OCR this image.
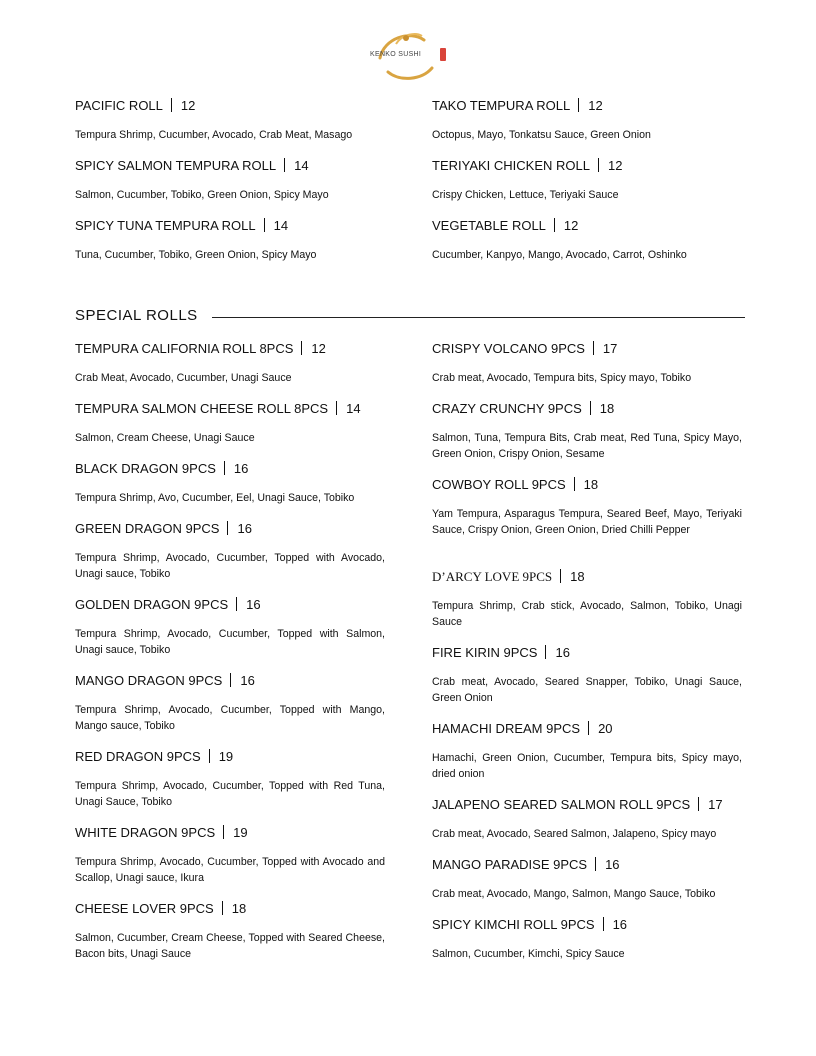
KENKO SUSHI
PACIFIC ROLL 12
Tempura Shrimp, Cucumber, Avocado, Crab Meat, Masago
SPICY SALMON TEMPURA ROLL 14
Salmon, Cucumber, Tobiko, Green Onion, Spicy Mayo
SPICY TUNA TEMPURA ROLL 14
Tuna, Cucumber, Tobiko, Green Onion, Spicy Mayo
TAKO TEMPURA ROLL 12
Octopus, Mayo, Tonkatsu Sauce, Green Onion
TERIYAKI CHICKEN ROLL 12
Crispy Chicken, Lettuce, Teriyaki Sauce
VEGETABLE ROLL 12
Cucumber, Kanpyo, Mango, Avocado, Carrot, Oshinko
SPECIAL ROLLS
TEMPURA CALIFORNIA ROLL 8PCS 12
Crab Meat, Avocado, Cucumber, Unagi Sauce
TEMPURA SALMON CHEESE ROLL 8PCS 14
Salmon, Cream Cheese, Unagi Sauce
BLACK DRAGON 9PCS 16
Tempura Shrimp, Avo, Cucumber, Eel, Unagi Sauce, Tobiko
GREEN DRAGON 9PCS 16
Tempura Shrimp, Avocado, Cucumber, Topped with Avocado, Unagi sauce, Tobiko
GOLDEN DRAGON 9PCS 16
Tempura Shrimp, Avocado, Cucumber, Topped with Salmon, Unagi sauce, Tobiko
MANGO DRAGON 9PCS 16
Tempura Shrimp, Avocado, Cucumber, Topped with Mango, Mango sauce, Tobiko
RED DRAGON 9PCS 19
Tempura Shrimp, Avocado, Cucumber, Topped with Red Tuna, Unagi Sauce, Tobiko
WHITE DRAGON 9PCS 19
Tempura Shrimp, Avocado, Cucumber, Topped with Avocado and Scallop, Unagi sauce, Ikura
CHEESE LOVER 9PCS 18
Salmon, Cucumber, Cream Cheese, Topped with Seared Cheese, Bacon bits, Unagi Sauce
CRISPY VOLCANO 9PCS 17
Crab meat, Avocado, Tempura bits, Spicy mayo, Tobiko
CRAZY CRUNCHY 9PCS 18
Salmon, Tuna, Tempura Bits, Crab meat, Red Tuna, Spicy Mayo, Green Onion, Crispy Onion, Sesame
COWBOY ROLL 9PCS 18
Yam Tempura, Asparagus Tempura, Seared Beef, Mayo, Teriyaki Sauce, Crispy Onion, Green Onion, Dried Chilli Pepper
D’ARCY LOVE 9PCS 18
Tempura Shrimp, Crab stick, Avocado, Salmon, Tobiko, Unagi Sauce
FIRE KIRIN 9PCS 16
Crab meat, Avocado, Seared Snapper, Tobiko, Unagi Sauce, Green Onion
HAMACHI DREAM 9PCS 20
Hamachi, Green Onion, Cucumber, Tempura bits, Spicy mayo, dried onion
JALAPENO SEARED SALMON ROLL 9PCS 17
Crab meat, Avocado, Seared Salmon, Jalapeno, Spicy mayo
MANGO PARADISE 9PCS 16
Crab meat, Avocado, Mango, Salmon, Mango Sauce, Tobiko
SPICY KIMCHI ROLL 9PCS 16
Salmon, Cucumber, Kimchi, Spicy Sauce
